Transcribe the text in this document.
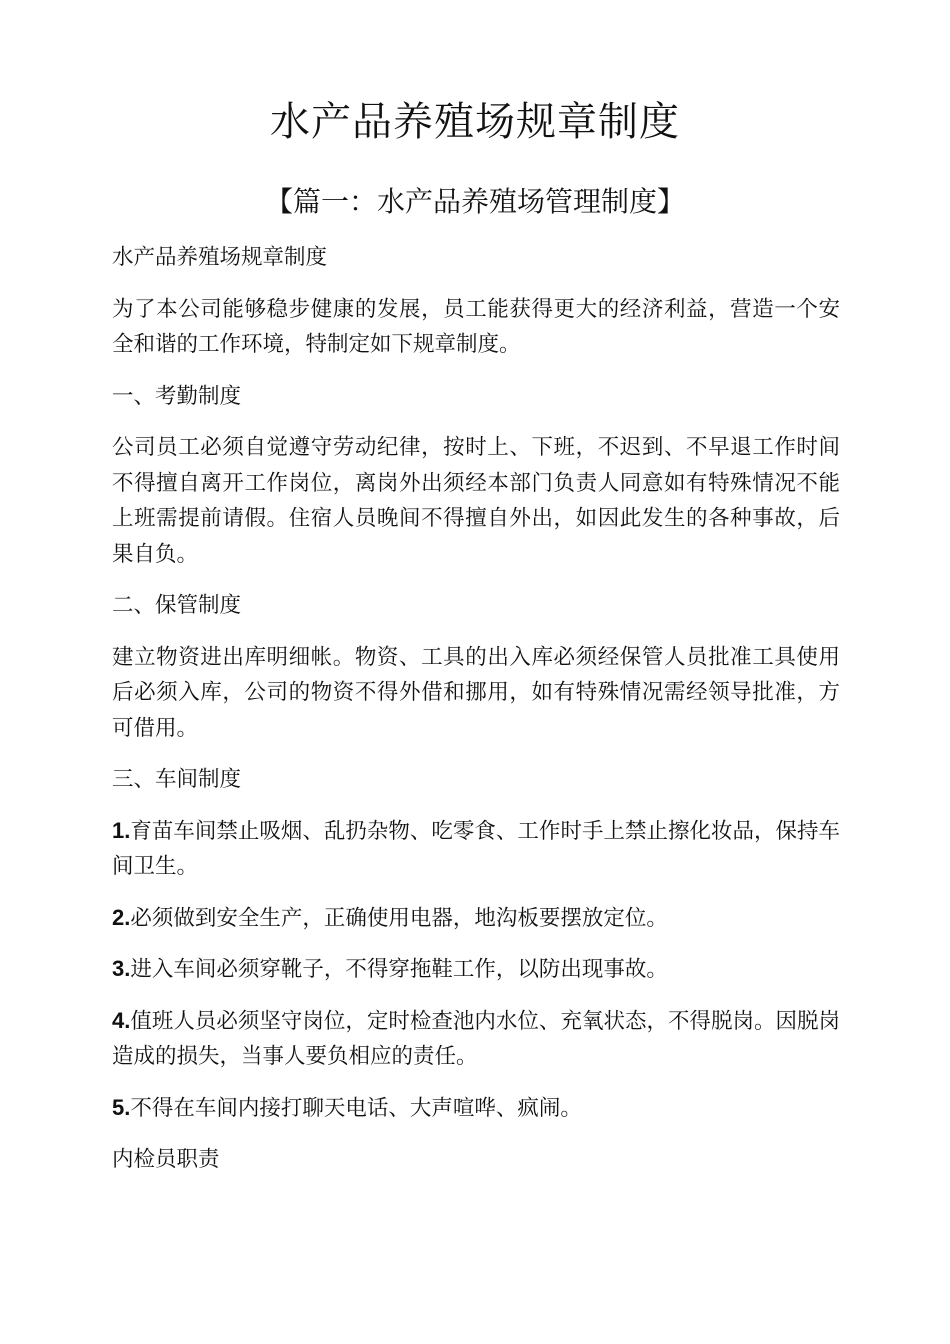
水产品养殖场规章制度
【篇一：水产品养殖场管理制度】

水产品养殖场规章制度

为了本公司能够稳步健康的发展，员工能获得更大的经济利益，营造一个安全和谐的工作环境，特制定如下规章制度。

一、考勤制度

公司员工必须自觉遵守劳动纪律，按时上、下班，不迟到、不早退工作时间不得擅自离开工作岗位，离岗外出须经本部门负责人同意如有特殊情况不能上班需提前请假。住宿人员晚间不得擅自外出，如因此发生的各种事故，后果自负。

二、保管制度

建立物资进出库明细帐。物资、工具的出入库必须经保管人员批准工具使用后必须入库，公司的物资不得外借和挪用，如有特殊情况需经领导批准，方可借用。

三、车间制度

1.育苗车间禁止吸烟、乱扔杂物、吃零食、工作时手上禁止擦化妆品，保持车间卫生。

2.必须做到安全生产，正确使用电器，地沟板要摆放定位。

3.进入车间必须穿靴子，不得穿拖鞋工作，以防出现事故。

4.值班人员必须坚守岗位，定时检查池内水位、充氧状态，不得脱岗。因脱岗造成的损失，当事人要负相应的责任。

5.不得在车间内接打聊天电话、大声喧哗、疯闹。

内检员职责
